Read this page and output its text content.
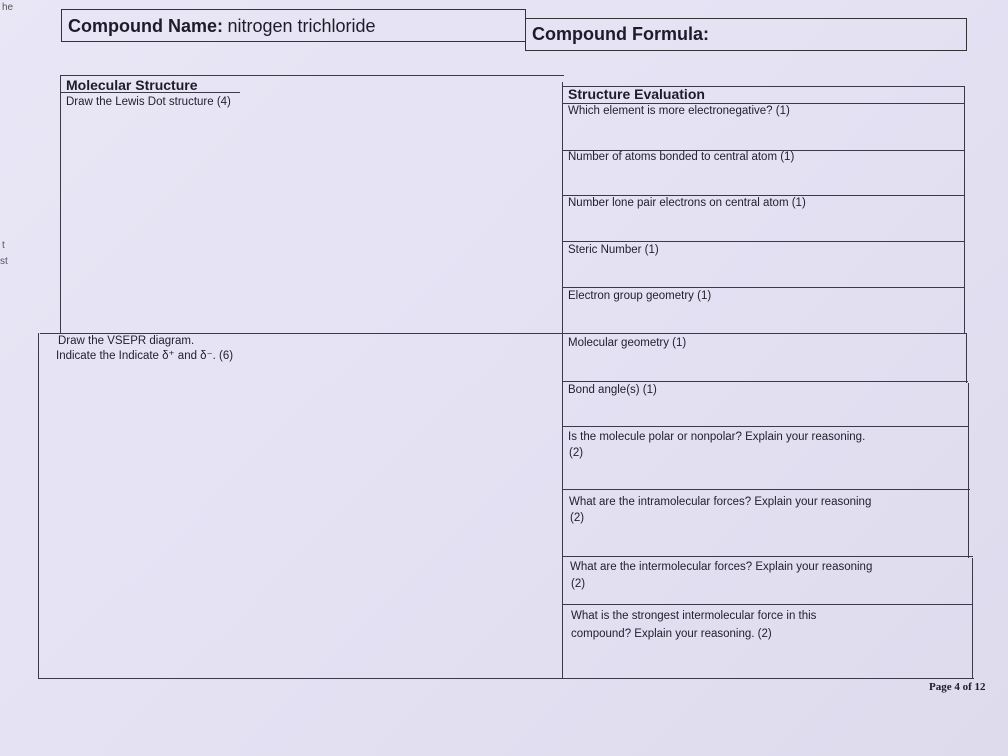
he
t
st
Compound Name: nitrogen trichloride	Compound Formula:
Molecular Structure
Draw the Lewis Dot structure (4)
Draw the VSEPR diagram.
Indicate the Indicate δ⁺ and δ⁻. (6)
Structure Evaluation
Which element is more electronegative? (1)
Number of atoms bonded to central atom (1)
Number lone pair electrons on central atom (1)
Steric Number (1)
Electron group geometry (1)
Molecular geometry (1)
Bond angle(s) (1)
Is the molecule polar or nonpolar? Explain your reasoning.
(2)
What are the intramolecular forces? Explain your reasoning
(2)
What are the intermolecular forces? Explain your reasoning
(2)
What is the strongest intermolecular force in this
compound? Explain your reasoning. (2)
Page 4 of 12
